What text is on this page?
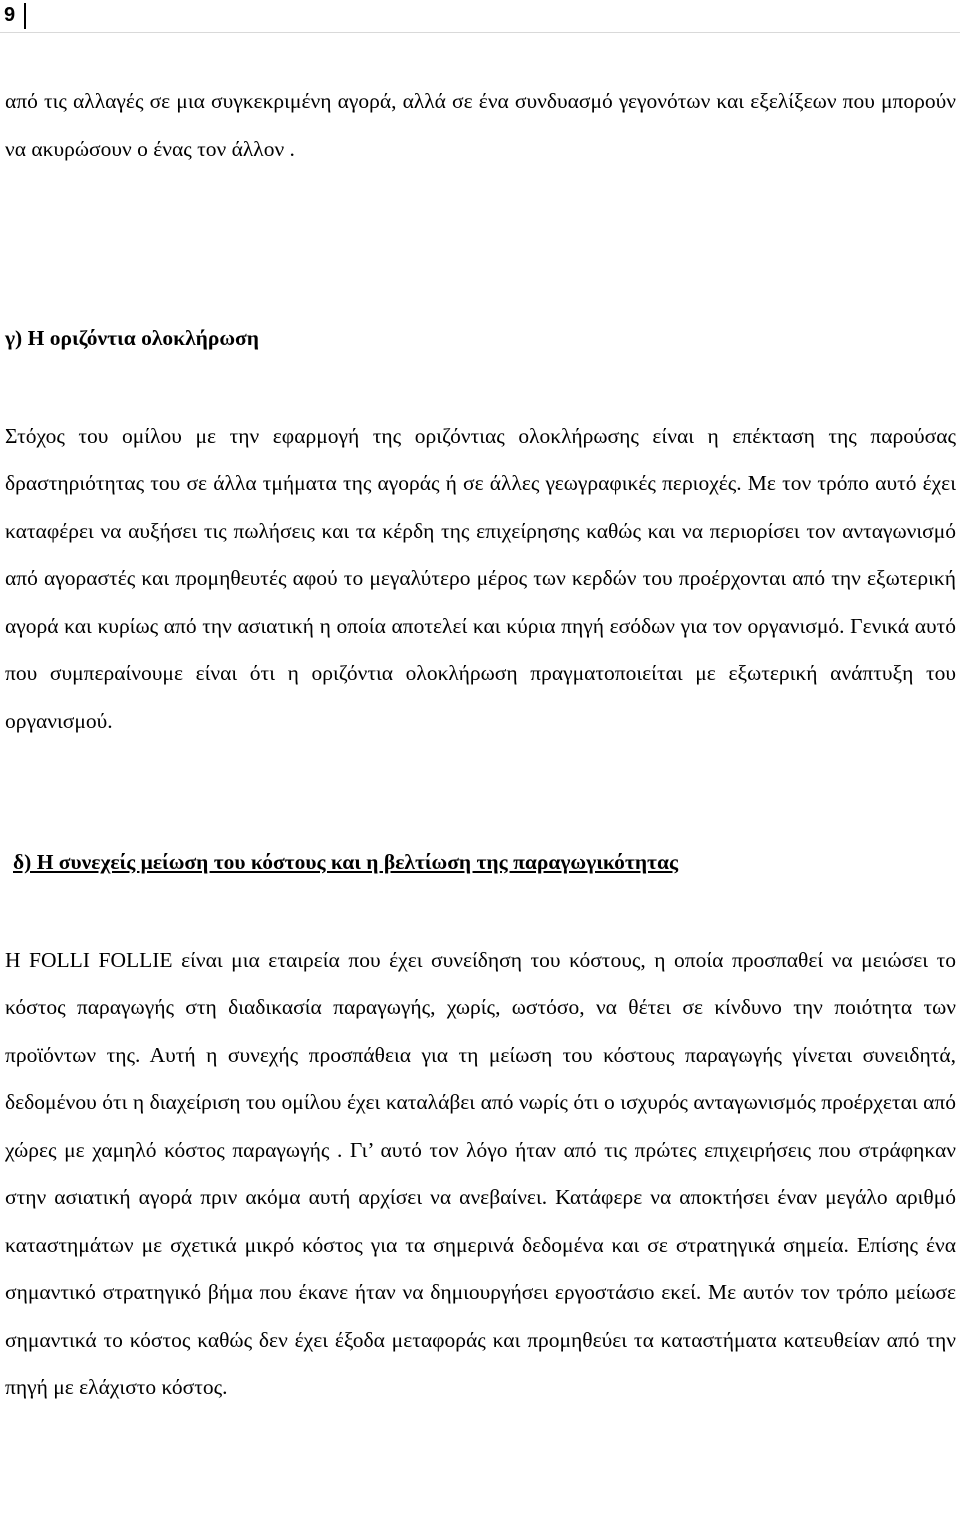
9

από τις αλλαγές σε μια συγκεκριμένη αγορά, αλλά σε ένα συνδυασμό γεγονότων και εξελίξεων που μπορούν να ακυρώσουν ο ένας τον άλλον .

γ) Η οριζόντια ολοκλήρωση

Στόχος του ομίλου με την εφαρμογή της οριζόντιας ολοκλήρωσης είναι η επέκταση της παρούσας δραστηριότητας του σε άλλα τμήματα της αγοράς ή σε άλλες γεωγραφικές περιοχές. Με τον τρόπο αυτό έχει καταφέρει να αυξήσει τις πωλήσεις και τα κέρδη της επιχείρησης καθώς και να περιορίσει τον ανταγωνισμό από αγοραστές και προμηθευτές αφού το μεγαλύτερο μέρος των κερδών του προέρχονται από την εξωτερική αγορά και κυρίως από την ασιατική η οποία αποτελεί και κύρια πηγή εσόδων για τον οργανισμό. Γενικά αυτό που συμπεραίνουμε είναι ότι η οριζόντια ολοκλήρωση πραγματοποιείται με εξωτερική ανάπτυξη του οργανισμού.

δ) Η συνεχείς μείωση του κόστους και η βελτίωση της παραγωγικότητας

Η FOLLI FOLLIE είναι μια εταιρεία που έχει συνείδηση του κόστους, η οποία προσπαθεί να μειώσει το κόστος παραγωγής στη διαδικασία παραγωγής, χωρίς, ωστόσο, να θέτει σε κίνδυνο την ποιότητα των προϊόντων της. Αυτή η συνεχής προσπάθεια για τη μείωση του κόστους παραγωγής γίνεται συνειδητά, δεδομένου ότι η διαχείριση του ομίλου έχει καταλάβει από νωρίς ότι ο ισχυρός ανταγωνισμός προέρχεται από χώρες με χαμηλό κόστος παραγωγής . Γι’ αυτό τον λόγο ήταν από τις πρώτες επιχειρήσεις που στράφηκαν στην ασιατική αγορά πριν ακόμα αυτή αρχίσει να ανεβαίνει. Κατάφερε να αποκτήσει έναν μεγάλο αριθμό καταστημάτων με σχετικά μικρό κόστος για τα σημερινά δεδομένα και σε στρατηγικά σημεία. Επίσης ένα σημαντικό στρατηγικό βήμα που έκανε ήταν να δημιουργήσει εργοστάσιο εκεί. Με αυτόν τον τρόπο μείωσε σημαντικά το κόστος καθώς δεν έχει έξοδα μεταφοράς και προμηθεύει τα καταστήματα κατευθείαν από την πηγή με ελάχιστο κόστος.
